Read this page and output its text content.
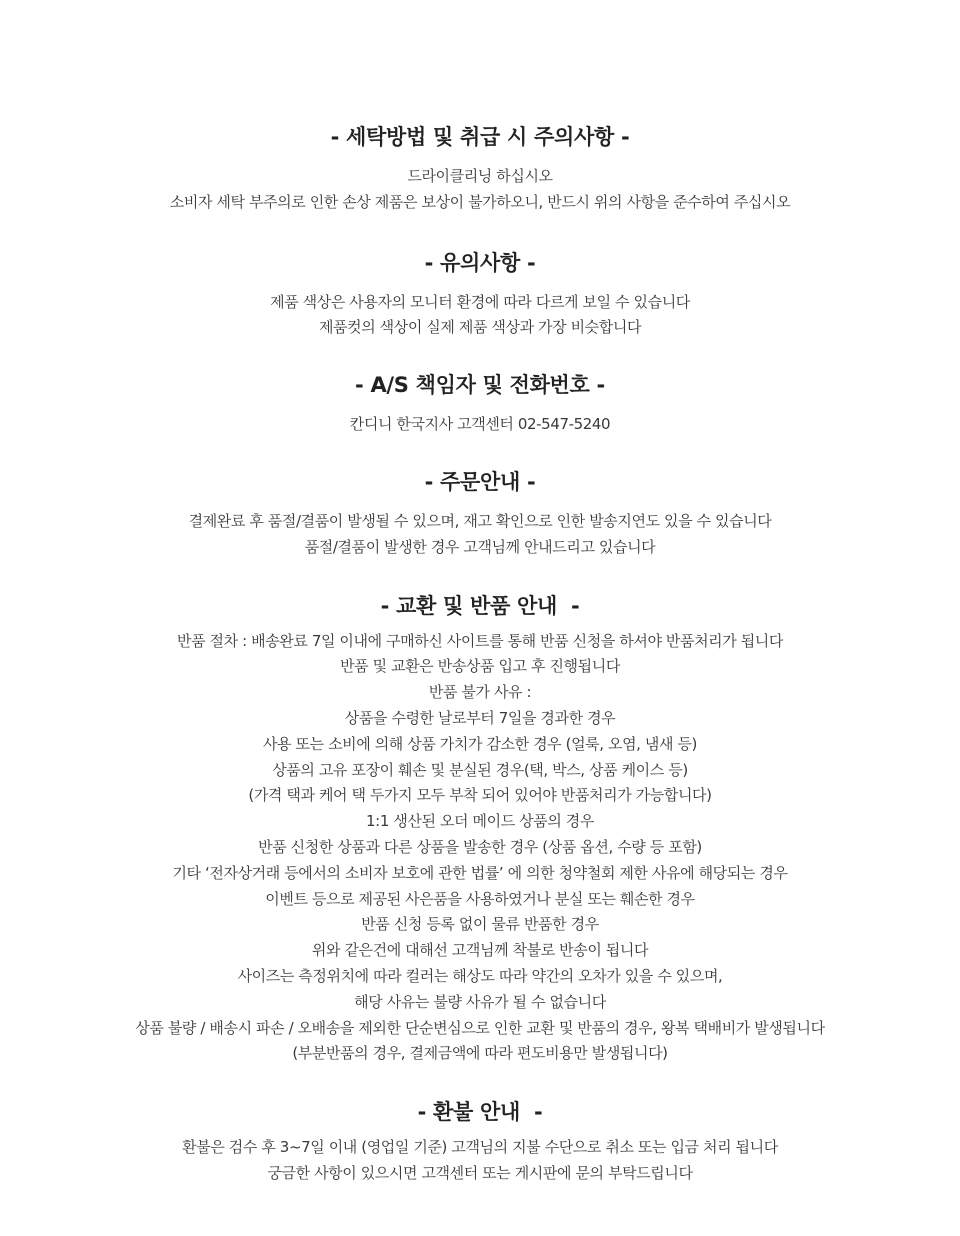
- 세탁방법 및 취급 시 주의사항 -
드라이클리닝 하십시오
소비자 세탁 부주의로 인한 손상 제품은 보상이 불가하오니, 반드시 위의 사항을 준수하여 주십시오
- 유의사항 -
제품 색상은 사용자의 모니터 환경에 따라 다르게 보일 수 있습니다
제품컷의 색상이 실제 제품 색상과 가장 비슷합니다
- A/S 책임자 및 전화번호 -
칸디니 한국지사 고객센터 02-547-5240
- 주문안내 -
결제완료 후 품절/결품이 발생될 수 있으며, 재고 확인으로 인한 발송지연도 있을 수 있습니다
품절/결품이 발생한 경우 고객님께 안내드리고 있습니다
- 교환 및 반품 안내  -
반품 절차 : 배송완료 7일 이내에 구매하신 사이트를 통해 반품 신청을 하셔야 반품처리가 됩니다
반품 및 교환은 반송상품 입고 후 진행됩니다
반품 불가 사유 :
상품을 수령한 날로부터 7일을 경과한 경우
사용 또는 소비에 의해 상품 가치가 감소한 경우 (얼룩, 오염, 냄새 등)
상품의 고유 포장이 훼손 및 분실된 경우(택, 박스, 상품 케이스 등)
(가격 택과 케어 택 두가지 모두 부착 되어 있어야 반품처리가 가능합니다)
1:1 생산된 오더 메이드 상품의 경우
반품 신청한 상품과 다른 상품을 발송한 경우 (상품 옵션, 수량 등 포함)
기타 ‘전자상거래 등에서의 소비자 보호에 관한 법률’ 에 의한 청약철회 제한 사유에 해당되는 경우
이벤트 등으로 제공된 사은품을 사용하였거나 분실 또는 훼손한 경우
반품 신청 등록 없이 물류 반품한 경우
위와 같은건에 대해선 고객님께 착불로 반송이 됩니다
사이즈는 측정위치에 따라 컬러는 해상도 따라 약간의 오차가 있을 수 있으며,
해당 사유는 불량 사유가 될 수 없습니다
상품 불량 / 배송시 파손 / 오배송을 제외한 단순변심으로 인한 교환 및 반품의 경우, 왕복 택배비가 발생됩니다
(부분반품의 경우, 결제금액에 따라 편도비용만 발생됩니다)
- 환불 안내  -
환불은 검수 후 3~7일 이내 (영업일 기준) 고객님의 지불 수단으로 취소 또는 입금 처리 됩니다
궁금한 사항이 있으시면 고객센터 또는 게시판에 문의 부탁드립니다
